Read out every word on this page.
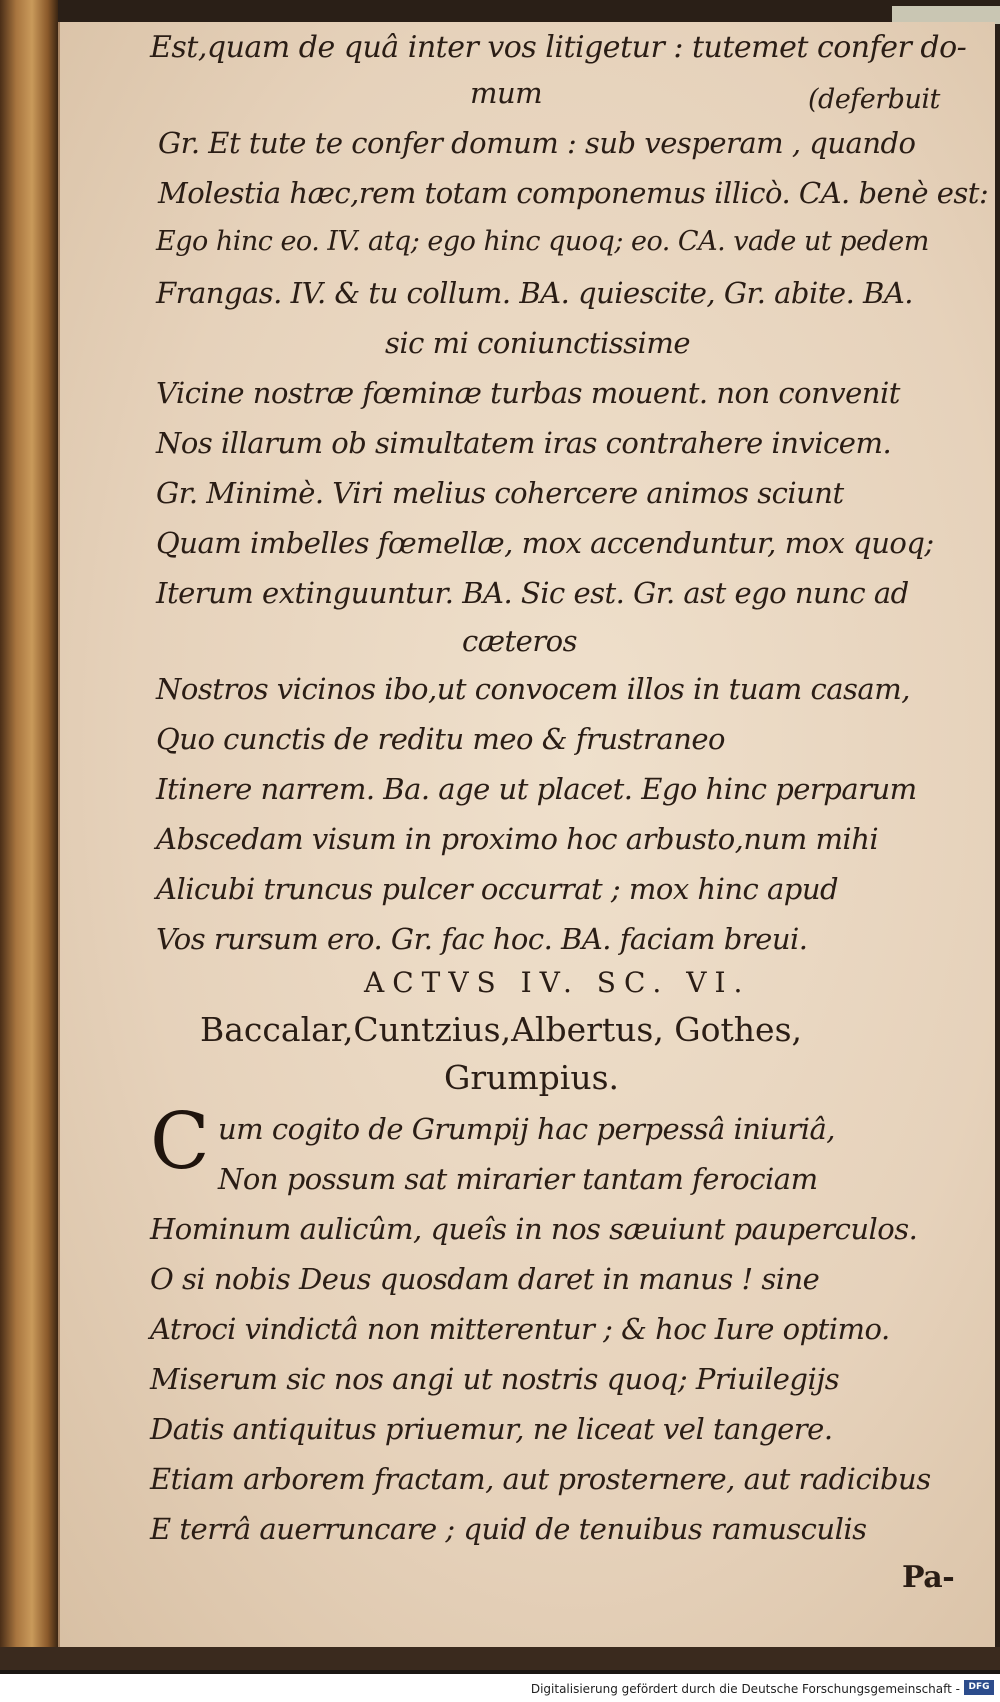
Est,quam de quâ inter vos litigetur : tutemet confer do-
mum	(deferbuit
Gr. Et tute te confer domum : sub vesperam , quando
Molestia hæc,rem totam componemus illicò. CA. benè est:
Ego hinc eo. IV. atq; ego hinc quoq; eo. CA. vade ut pedem
Frangas. IV. & tu collum. BA. quiescite, Gr. abite. BA.
sic mi coniunctissime
Vicine nostræ fœminæ turbas mouent. non convenit
Nos illarum ob simultatem iras contrahere invicem.
Gr. Minimè. Viri melius cohercere animos sciunt
Quam imbelles fœmellæ, mox accenduntur, mox quoq;
Iterum extinguuntur. BA. Sic est. Gr. ast ego nunc ad
cæteros
Nostros vicinos ibo,ut convocem illos in tuam casam,
Quo cunctis de reditu meo & frustraneo
Itinere narrem. Ba. age ut placet. Ego hinc perparum
Abscedam visum in proximo hoc arbusto,num mihi
Alicubi truncus pulcer occurrat ; mox hinc apud
Vos rursum ero. Gr. fac hoc. BA. faciam breui.
ACTVS IV. SC. VI.
Baccalar,Cuntzius,Albertus, Gothes,
Grumpius.
C um cogito de Grumpij hac perpessâ iniuriâ,
Non possum sat mirarier tantam ferociam
Hominum aulicûm, queîs in nos sæuiunt pauperculos.
O si nobis Deus quosdam daret in manus ! sine
Atroci vindictâ non mitterentur ; & hoc Iure optimo.
Miserum sic nos angi ut nostris quoq; Priuilegijs
Datis antiquitus priuemur, ne liceat vel tangere.
Etiam arborem fractam, aut prosternere, aut radicibus
E terrâ auerruncare ; quid de tenuibus ramusculis
Pa-
Digitalisierung gefördert durch die Deutsche Forschungsgemeinschaft - DFG
